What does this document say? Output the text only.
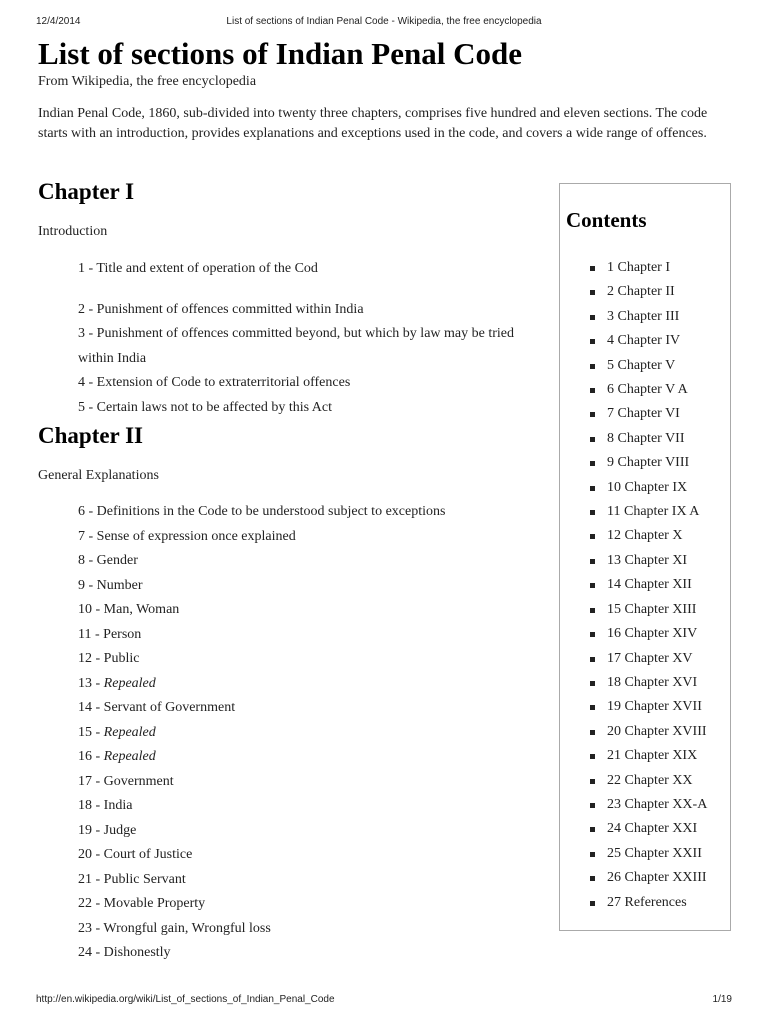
12/4/2014	List of sections of Indian Penal Code - Wikipedia, the free encyclopedia
List of sections of Indian Penal Code
From Wikipedia, the free encyclopedia
Indian Penal Code, 1860, sub-divided into twenty three chapters, comprises five hundred and eleven sections. The code starts with an introduction, provides explanations and exceptions used in the code, and covers a wide range of offences.
Chapter I
Introduction
1 - Title and extent of operation of the Cod
2 - Punishment of offences committed within India
3 - Punishment of offences committed beyond, but which by law may be tried within India
4 - Extension of Code to extraterritorial offences
5 - Certain laws not to be affected by this Act
Chapter II
General Explanations
6 - Definitions in the Code to be understood subject to exceptions
7 - Sense of expression once explained
8 - Gender
9 - Number
10 - Man, Woman
11 - Person
12 - Public
13 - Repealed
14 - Servant of Government
15 - Repealed
16 - Repealed
17 - Government
18 - India
19 - Judge
20 - Court of Justice
21 - Public Servant
22 - Movable Property
23 - Wrongful gain, Wrongful loss
24 - Dishonestly
Contents
1 Chapter I
2 Chapter II
3 Chapter III
4 Chapter IV
5 Chapter V
6 Chapter V A
7 Chapter VI
8 Chapter VII
9 Chapter VIII
10 Chapter IX
11 Chapter IX A
12 Chapter X
13 Chapter XI
14 Chapter XII
15 Chapter XIII
16 Chapter XIV
17 Chapter XV
18 Chapter XVI
19 Chapter XVII
20 Chapter XVIII
21 Chapter XIX
22 Chapter XX
23 Chapter XX-A
24 Chapter XXI
25 Chapter XXII
26 Chapter XXIII
27 References
http://en.wikipedia.org/wiki/List_of_sections_of_Indian_Penal_Code	1/19
